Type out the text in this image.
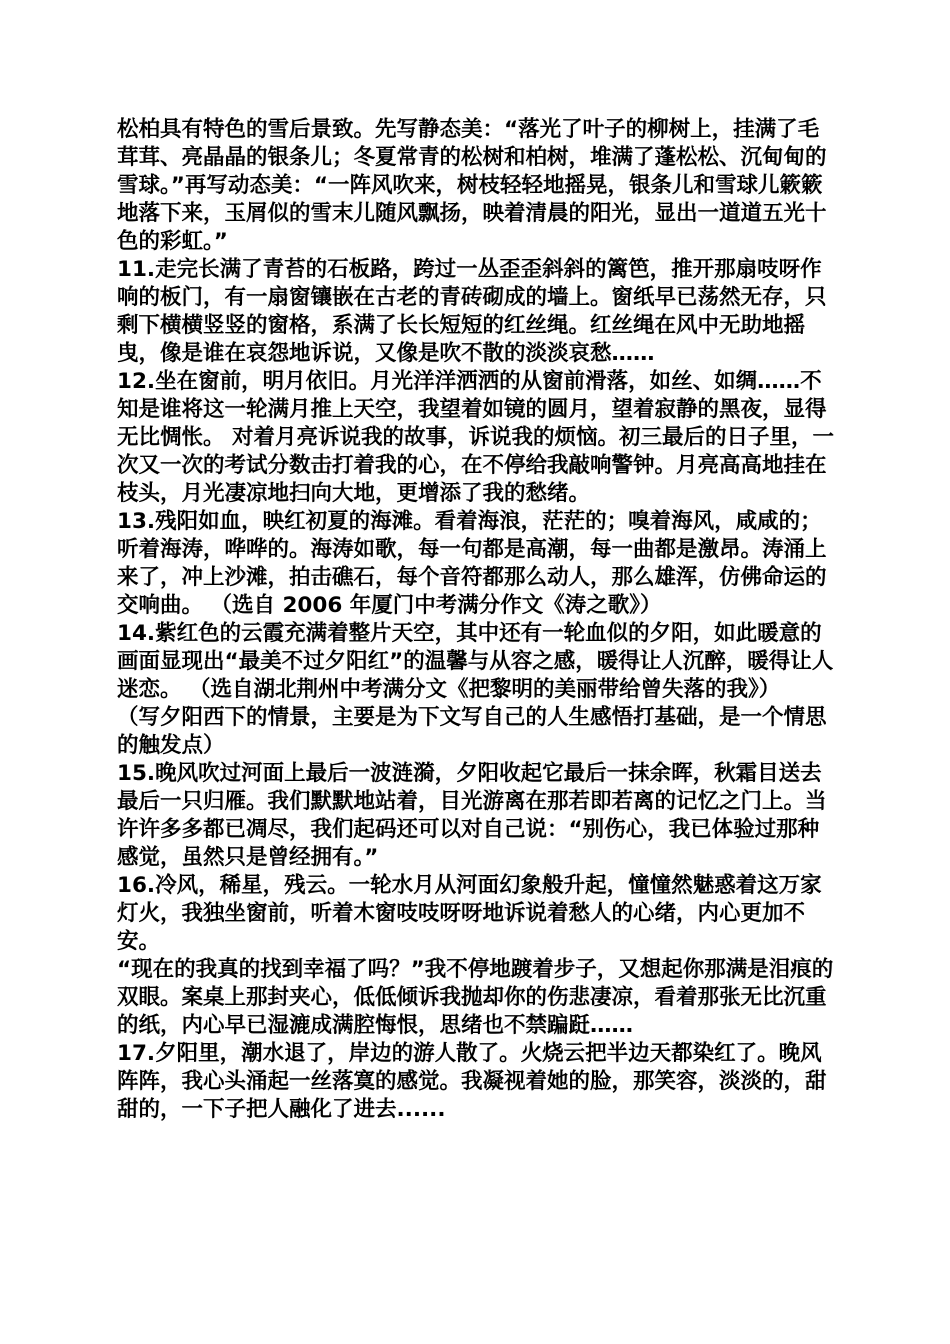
松柏具有特色的雪后景致。先写静态美：“落光了叶子的柳树上，挂满了毛茸茸、亮晶晶的银条儿；冬夏常青的松树和柏树，堆满了蓬松松、沉甸甸的雪球。”再写动态美：“一阵风吹来，树枝轻轻地摇晃，银条儿和雪球儿簌簌地落下来，玉屑似的雪末儿随风飘扬，映着清晨的阳光，显出一道道五光十色的彩虹。”

11.走完长满了青苔的石板路，跨过一丛歪歪斜斜的篱笆，推开那扇吱呀作响的板门，有一扇窗镶嵌在古老的青砖砌成的墙上。窗纸早已荡然无存，只剩下横横竖竖的窗格，系满了长长短短的红丝绳。红丝绳在风中无助地摇曳，像是谁在哀怨地诉说，又像是吹不散的淡淡哀愁……

12.坐在窗前，明月依旧。月光洋洋洒洒的从窗前滑落，如丝、如绸……不知是谁将这一轮满月推上天空，我望着如镜的圆月，望着寂静的黑夜，显得无比惆怅。 对着月亮诉说我的故事，诉说我的烦恼。初三最后的日子里，一次又一次的考试分数击打着我的心，在不停给我敲响警钟。月亮高高地挂在枝头，月光凄凉地扫向大地，更增添了我的愁绪。

13.残阳如血，映红初夏的海滩。看着海浪，茫茫的；嗅着海风，咸咸的；听着海涛，哗哗的。海涛如歌，每一句都是高潮，每一曲都是激昂。涛涌上来了，冲上沙滩，拍击礁石，每个音符都那么动人，那么雄浑，仿佛命运的交响曲。 （选自 2006 年厦门中考满分作文《涛之歌》）

14.紫红色的云霞充满着整片天空，其中还有一轮血似的夕阳，如此暖意的画面显现出“最美不过夕阳红”的温馨与从容之感，暖得让人沉醉，暖得让人迷恋。 （选自湖北荆州中考满分文《把黎明的美丽带给曾失落的我》）

（写夕阳西下的情景，主要是为下文写自己的人生感悟打基础，是一个情思的触发点）

15.晚风吹过河面上最后一波涟漪，夕阳收起它最后一抹余晖，秋霜目送去最后一只归雁。我们默默地站着，目光游离在那若即若离的记忆之门上。当许许多多都已凋尽，我们起码还可以对自己说：“别伤心，我已体验过那种感觉，虽然只是曾经拥有。”

16.冷风，稀星，残云。一轮水月从河面幻象般升起，憧憧然魅惑着这万家灯火，我独坐窗前，听着木窗吱吱呀呀地诉说着愁人的心绪，内心更加不安。

“现在的我真的找到幸福了吗？”我不停地踱着步子，又想起你那满是泪痕的双眼。案桌上那封夹心，低低倾诉我抛却你的伤悲凄凉，看着那张无比沉重的纸，内心早已湿漉成满腔悔恨，思绪也不禁蹁跹……

17.夕阳里，潮水退了，岸边的游人散了。火烧云把半边天都染红了。晚风阵阵，我心头涌起一丝落寞的感觉。我凝视着她的脸，那笑容，淡淡的，甜甜的，一下子把人融化了进去......
